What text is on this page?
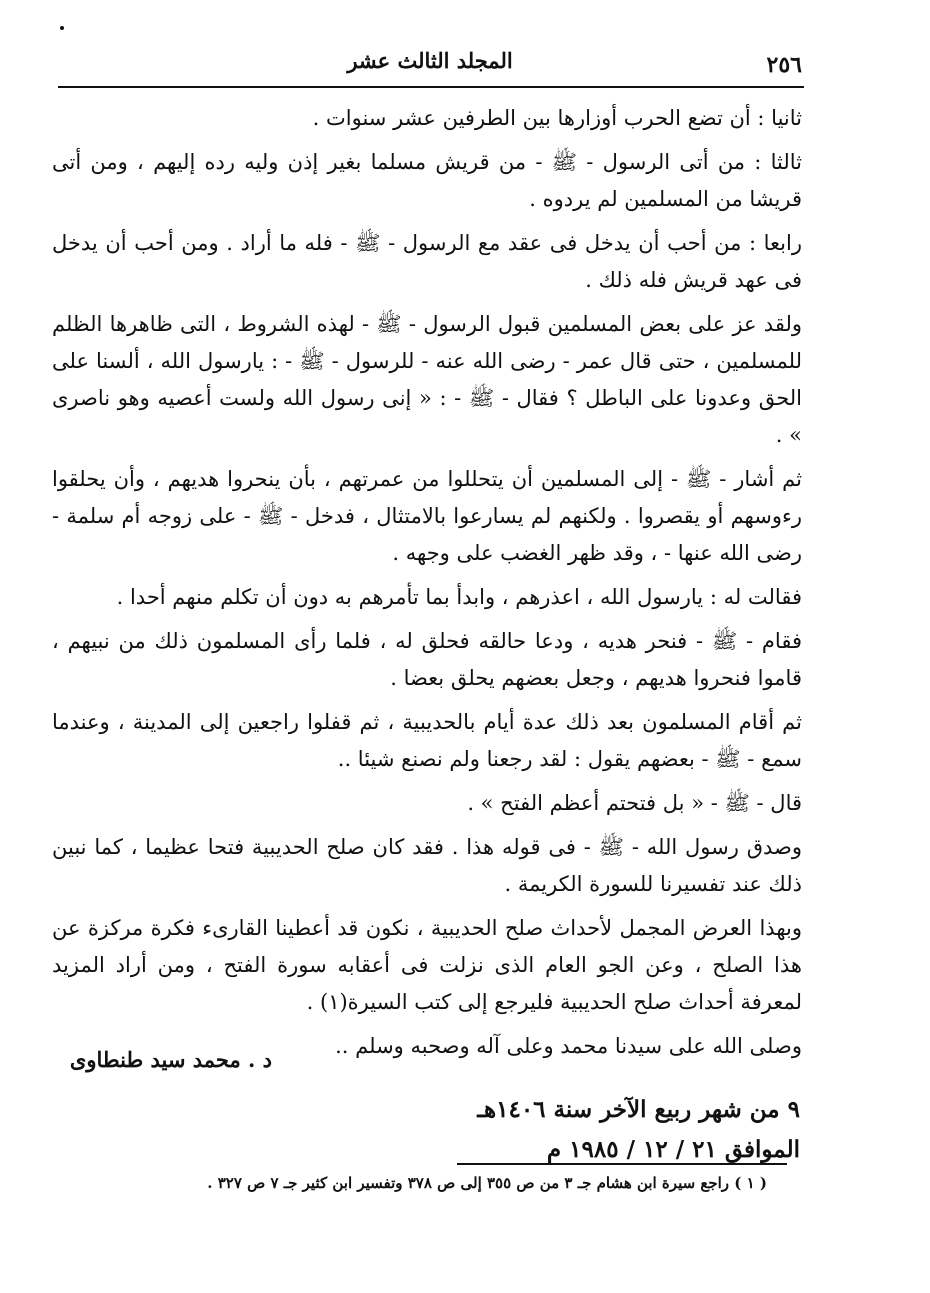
٢٥٦
المجلد الثالث عشر

ثانيا : أن تضع الحرب أوزارها بين الطرفين عشر سنوات .

ثالثا : من أتى الرسول - ﷺ - من قريش مسلما بغير إذن وليه رده إليهم ، ومن أتى قريشا من المسلمين لم يردوه .

رابعا : من أحب أن يدخل فى عقد مع الرسول - ﷺ - فله ما أراد . ومن أحب أن يدخل فى عهد قريش فله ذلك .

ولقد عز على بعض المسلمين قبول الرسول - ﷺ - لهذه الشروط ، التى ظاهرها الظلم للمسلمين ، حتى قال عمر - رضى الله عنه - للرسول - ﷺ - : يارسول الله ، ألسنا على الحق وعدونا على الباطل ؟ فقال - ﷺ - : « إنى رسول الله ولست أعصيه وهو ناصرى » .

ثم أشار - ﷺ - إلى المسلمين أن يتحللوا من عمرتهم ، بأن ينحروا هديهم ، وأن يحلقوا رءوسهم أو يقصروا . ولكنهم لم يسارعوا بالامتثال ، فدخل - ﷺ - على زوجه أم سلمة - رضى الله عنها - ، وقد ظهر الغضب على وجهه .

فقالت له : يارسول الله ، اعذرهم ، وابدأ بما تأمرهم به دون أن تكلم منهم أحدا .

فقام - ﷺ - فنحر هديه ، ودعا حالقه فحلق له ، فلما رأى المسلمون ذلك من نبيهم ، قاموا فنحروا هديهم ، وجعل بعضهم يحلق بعضا .

ثم أقام المسلمون بعد ذلك عدة أيام بالحديبية ، ثم قفلوا راجعين إلى المدينة ، وعندما سمع - ﷺ - بعضهم يقول : لقد رجعنا ولم نصنع شيئا ..

قال - ﷺ - « بل فتحتم أعظم الفتح » .

وصدق رسول الله - ﷺ - فى قوله هذا . فقد كان صلح الحديبية فتحا عظيما ، كما نبين ذلك عند تفسيرنا للسورة الكريمة .

وبهذا العرض المجمل لأحداث صلح الحديبية ، نكون قد أعطينا القارىء فكرة مركزة عن هذا الصلح ، وعن الجو العام الذى نزلت فى أعقابه سورة الفتح ، ومن أراد المزيد لمعرفة أحداث صلح الحديبية فليرجع إلى كتب السيرة(١) .

وصلى الله على سيدنا محمد وعلى آله وصحبه وسلم ..

د . محمد سيد طنطاوى
٩ من شهر ربيع الآخر سنة ١٤٠٦هـ
الموافق ٢١ / ١٢ / ١٩٨٥ م
( ١ ) راجع سيرة ابن هشام جـ ٣ من ص ٣٥٥ إلى ص ٣٧٨ وتفسير ابن كثير جـ ٧ ص ٣٢٧ .
